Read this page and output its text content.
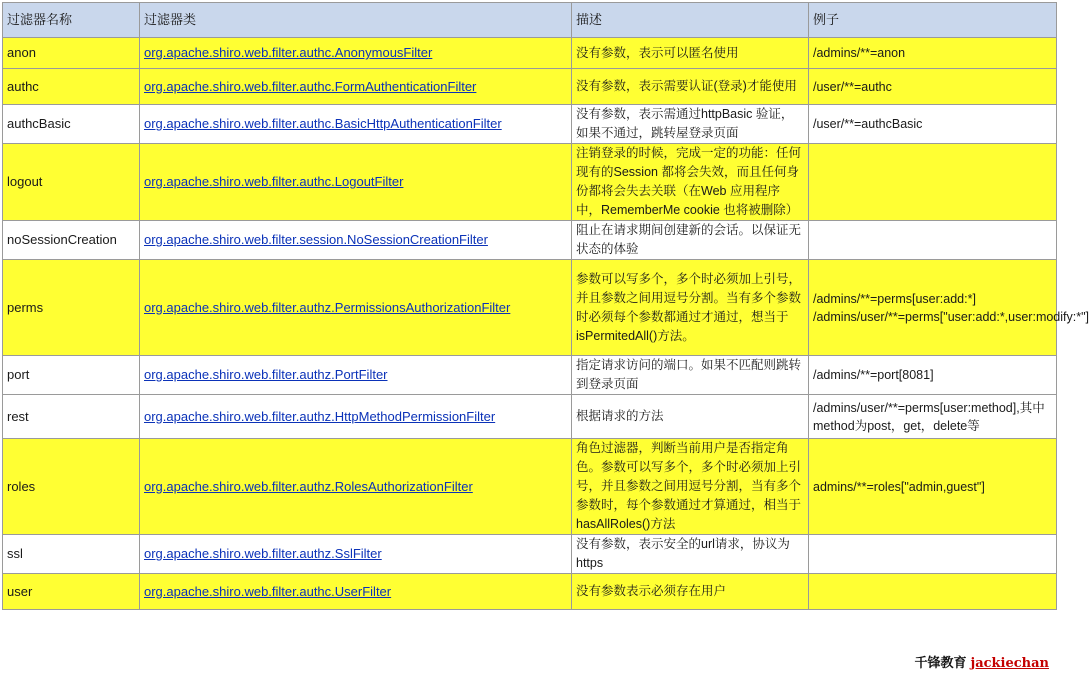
过滤器名称	过滤器类	描述	例子
anon	org.apache.shiro.web.filter.authc.AnonymousFilter	没有参数，表示可以匿名使用	/admins/**=anon
authc	org.apache.shiro.web.filter.authc.FormAuthenticationFilter	没有参数，表示需要认证(登录)才能使用	/user/**=authc
authcBasic	org.apache.shiro.web.filter.authc.BasicHttpAuthenticationFilter	没有参数，表示需通过httpBasic 验证，如果不通过，跳转屋登录页面	/user/**=authcBasic
logout	org.apache.shiro.web.filter.authc.LogoutFilter	注销登录的时候，完成一定的功能：任何现有的Session 都将会失效，而且任何身份都将会失去关联（在Web 应用程序中，RememberMe cookie 也将被删除）	
noSessionCreation	org.apache.shiro.web.filter.session.NoSessionCreationFilter	阻止在请求期间创建新的会话。以保证无状态的体验	
perms	org.apache.shiro.web.filter.authz.PermissionsAuthorizationFilter	参数可以写多个，多个时必须加上引号，并且参数之间用逗号分割。当有多个参数时必须每个参数都通过才通过，想当于isPermitedAll()方法。	/admins/**=perms[user:add:*] /admins/user/**=perms["user:add:*,user:modify:*"]
port	org.apache.shiro.web.filter.authz.PortFilter	指定请求访问的端口。如果不匹配则跳转到登录页面	/admins/**=port[8081]
rest	org.apache.shiro.web.filter.authz.HttpMethodPermissionFilter	根据请求的方法	/admins/user/**=perms[user:method],其中method为post，get，delete等
roles	org.apache.shiro.web.filter.authz.RolesAuthorizationFilter	角色过滤器，判断当前用户是否指定角色。参数可以写多个，多个时必须加上引号，并且参数之间用逗号分割，当有多个参数时，每个参数通过才算通过，相当于hasAllRoles()方法	admins/**=roles["admin,guest"]
ssl	org.apache.shiro.web.filter.authz.SslFilter	没有参数，表示安全的url请求，协议为 https	
user	org.apache.shiro.web.filter.authc.UserFilter	没有参数表示必须存在用户	
千锋教育 jackiechan
